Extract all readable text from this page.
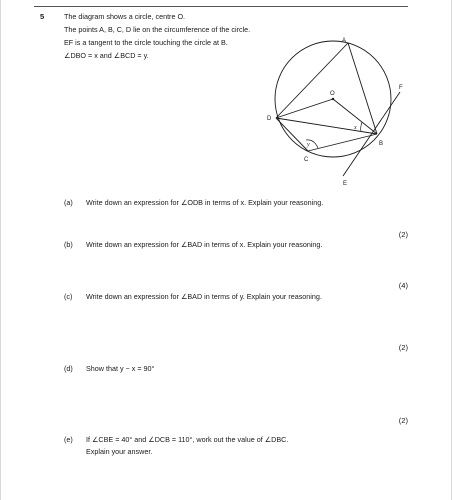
5	The diagram shows a circle, centre O.
The points A, B, C, D lie on the circumference of the circle.
EF is a tangent to the circle touching the circle at B.
∠DBO = x and ∠BCD = y.
A
B
C
D
E
F
O
x
y
(a) Write down an expression for ∠ODB in terms of x. Explain your reasoning.
(2)
(b) Write down an expression for ∠BAD in terms of x. Explain your reasoning.
(4)
(c) Write down an expression for ∠BAD in terms of y. Explain your reasoning.
(2)
(d) Show that y − x = 90°
(2)
(e) If ∠CBE = 40° and ∠DCB = 110°, work out the value of ∠DBC.
Explain your answer.
